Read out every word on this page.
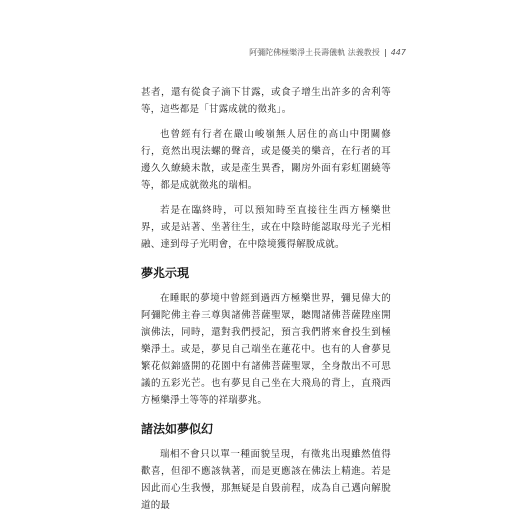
阿彌陀佛極樂淨土長壽儀軌 法義教授 447

甚者，還有從食子滴下甘露，或食子增生出許多的舍利等等，這些都是「甘露成就的徵兆」。

也曾經有行者在嚴山峻嶺無人居住的高山中閉關修行，竟然出現法螺的聲音，或是優美的樂音，在行者的耳邊久久繚繞未散，或是產生異香，關房外面有彩虹圍繞等等，都是成就徵兆的瑞相。

若是在臨終時，可以預知時至直接往生西方極樂世界，或是站著、坐著往生，或在中陰時能認取母光子光相融、達到母子光明會，在中陰境獲得解脫成就。

夢兆示現

在睡眠的夢境中曾經到過西方極樂世界，彌見偉大的阿彌陀佛主眷三尊與諸佛菩薩聖眾，聽聞諸佛菩薩陞座開演佛法，同時，還對我們授記，預言我們將來會投生到極樂淨土。或是，夢見自己端坐在蓮花中。也有的人會夢見繁花似錦盛開的花園中有諸佛菩薩聖眾，全身散出不可思議的五彩光芒。也有夢見自己坐在大飛鳥的背上，直飛西方極樂淨土等等的祥瑞夢兆。

諸法如夢似幻

瑞相不會只以單一種面貌呈現，有徵兆出現雖然值得歡喜，但卻不應該執著，而是更應該在佛法上精進。若是因此而心生我慢，那無疑是自毀前程，成為自己邁向解脫道的最
